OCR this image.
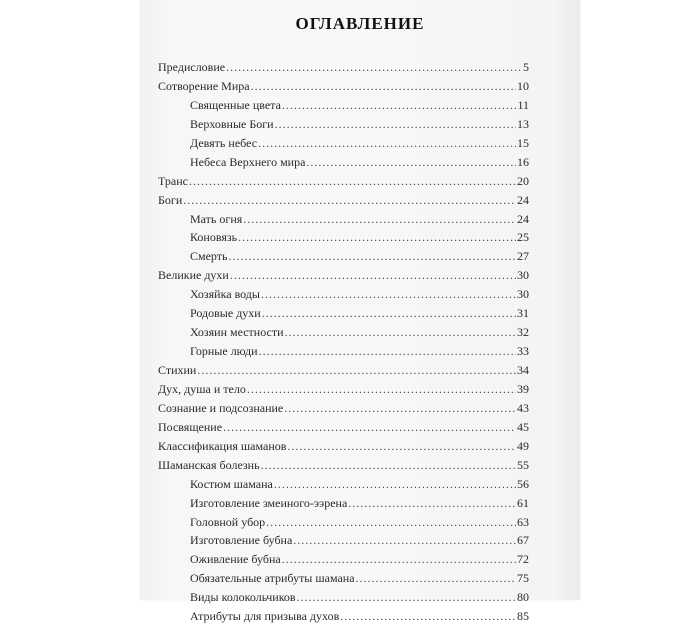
ОГЛАВЛЕНИЕ
Предисловие .....	5
Сотворение Мира .....	10
Священные цвета .....	11
Верховные Боги .....	13
Девять небес .....	15
Небеса Верхнего мира .....	16
Транс .....	20
Боги .....	24
Мать огня .....	24
Коновязь .....	25
Смерть .....	27
Великие духи .....	30
Хозяйка воды .....	30
Родовые духи .....	31
Хозяин местности .....	32
Горные люди .....	33
Стихии .....	34
Дух, душа и тело .....	39
Сознание и подсознание .....	43
Посвящение .....	45
Классификация шаманов .....	49
Шаманская болезнь .....	55
Костюм шамана .....	56
Изготовление змеиного-ээрена .....	61
Головной убор .....	63
Изготовление бубна .....	67
Оживление бубна .....	72
Обязательные атрибуты шамана .....	75
Виды колокольчиков .....	80
Атрибуты для призыва духов .....	85
